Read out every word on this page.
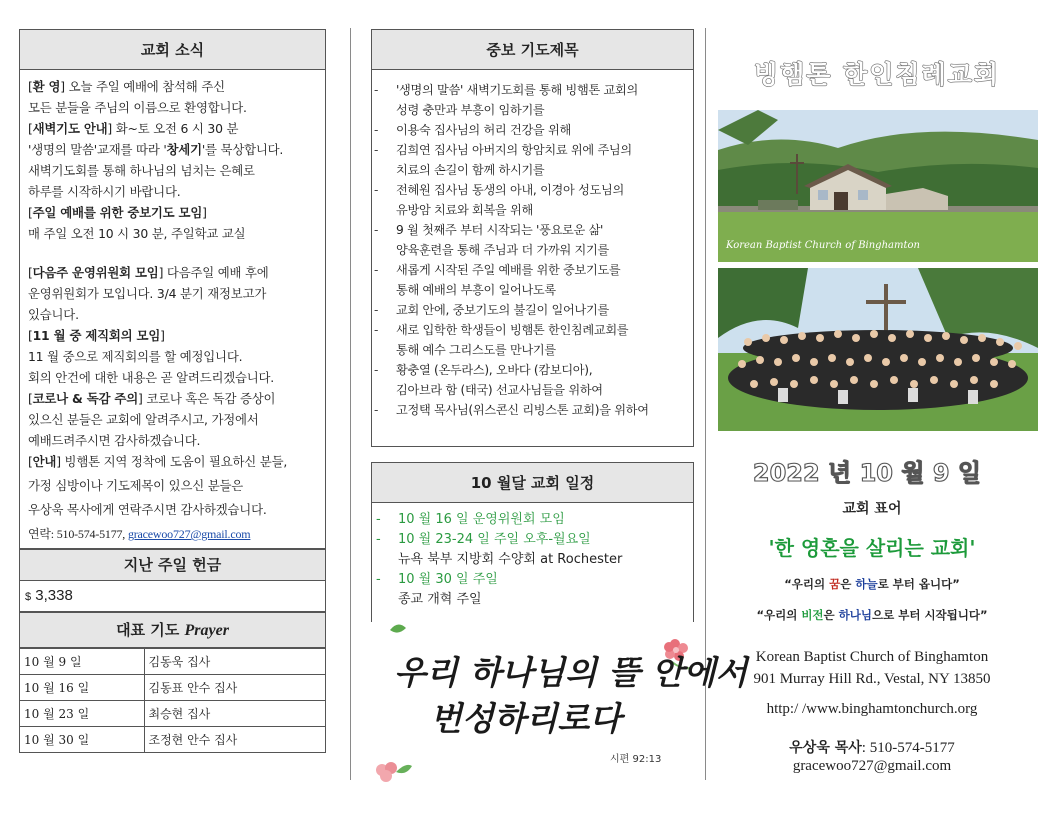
교회 소식
[환 영] 오늘 주일 예배에 참석해 주신
모든 분들을 주님의 이름으로 환영합니다.
[새벽기도 안내] 화~토 오전 6 시 30 분
'생명의 말씀'교재를 따라 '창세기'를 묵상합니다.
새벽기도회를 통해 하나님의 넘치는 은혜로
하루를 시작하시기 바랍니다.
[주일 예배를 위한 중보기도 모임]
매 주일 오전 10 시 30 분, 주일학교 교실
[다음주 운영위원회 모임] 다음주일 예배 후에
운영위원회가 모입니다. 3/4 분기 재정보고가
있습니다.
[11 월 중 제직회의 모임]
11 월 중으로 제직회의를 할 예정입니다.
회의 안건에 대한 내용은 곧 알려드리겠습니다.
[코로나 & 독감 주의] 코로나 혹은 독감 증상이
있으신 분들은 교회에 알려주시고, 가정에서
예배드려주시면 감사하겠습니다.
[안내] 빙햄톤 지역 정착에 도움이 필요하신 분들,
가정 심방이나 기도제목이 있으신 분들은
우상욱 목사에게 연락주시면 감사하겠습니다.
연락: 510-574-5177, gracewoo727@gmail.com
지난 주일 헌금
$ 3,338
대표 기도 Prayer
10 월 9 일	김동욱 집사
10 월 16 일	김동표 안수 집사
10 월 23 일	최승현 집사
10 월 30 일	조정현 안수 집사
중보 기도제목
- '생명의 말씀' 새벽기도회를 통해 빙햄톤 교회의
성령 충만과 부흥이 임하기를
- 이용숙 집사님의 허리 건강을 위해
- 김희연 집사님 아버지의 항암치료 위에 주님의
치료의 손길이 함께 하시기를
- 전혜원 집사님 동생의 아내, 이경아 성도님의
유방암 치료와 회복을 위해
- 9 월 첫째주 부터 시작되는 '풍요로운 삶'
양육훈련을 통해 주님과 더 가까워 지기를
- 새롭게 시작된 주일 예배를 위한 중보기도를
통해 예배의 부흥이 일어나도록
- 교회 안에, 중보기도의 불길이 일어나기를
- 새로 입학한 학생들이 빙햄톤 한인침례교회를
통해 예수 그리스도를 만나기를
- 황충열 (온두라스), 오바다 (캄보디아),
김아브라 함 (태국) 선교사님들을 위하여
- 고정택 목사님(위스콘신 리빙스톤 교회)을 위하여
10 월달 교회 일정
- 10 월 16 일 운영위원회 모임
- 10 월 23-24 일 주일 오후-월요일
뉴욕 북부 지방회 수양회 at Rochester
- 10 월 30 일 주일
종교 개혁 주일
우리 하나님의 뜰 안에서
번성하리로다
시편 92:13
빙햄톤 한인침례교회
Korean Baptist Church of Binghamton
2022 년 10 월 9 일
교회 표어
'한 영혼을 살리는 교회'
“우리의 꿈은 하늘로 부터 옵니다”
“우리의 비전은 하나님으로 부터 시작됩니다”
Korean Baptist Church of Binghamton
901 Murray Hill Rd., Vestal, NY 13850
http:/ /www.binghamtonchurch.org
우상욱 목사: 510-574-5177
gracewoo727@gmail.com
